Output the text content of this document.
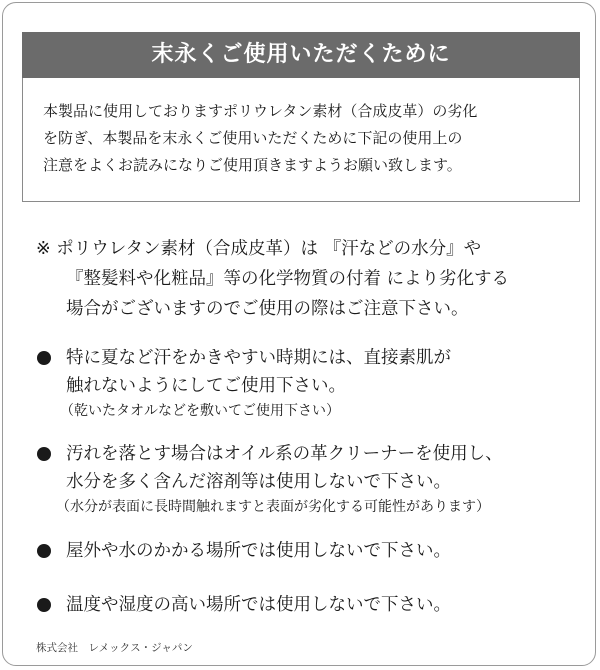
末永くご使用いただくために
本製品に使用しておりますポリウレタン素材（合成皮革）の劣化
を防ぎ、本製品を末永くご使用いただくために下記の使用上の
注意をよくお読みになりご使用頂きますようお願い致します。
※ ポリウレタン素材（合成皮革）は 『汗などの水分』や
『整髪料や化粧品』等の化学物質の付着 により劣化する
場合がございますのでご使用の際はご注意下さい。
特に夏など汗をかきやすい時期には、直接素肌が
触れないようにしてご使用下さい。
（乾いたタオルなどを敷いてご使用下さい）
汚れを落とす場合はオイル系の革クリーナーを使用し、
水分を多く含んだ溶剤等は使用しないで下さい。
（水分が表面に長時間触れますと表面が劣化する可能性があります）
屋外や水のかかる場所では使用しないで下さい。
温度や湿度の高い場所では使用しないで下さい。
株式会社　レメックス・ジャパン
